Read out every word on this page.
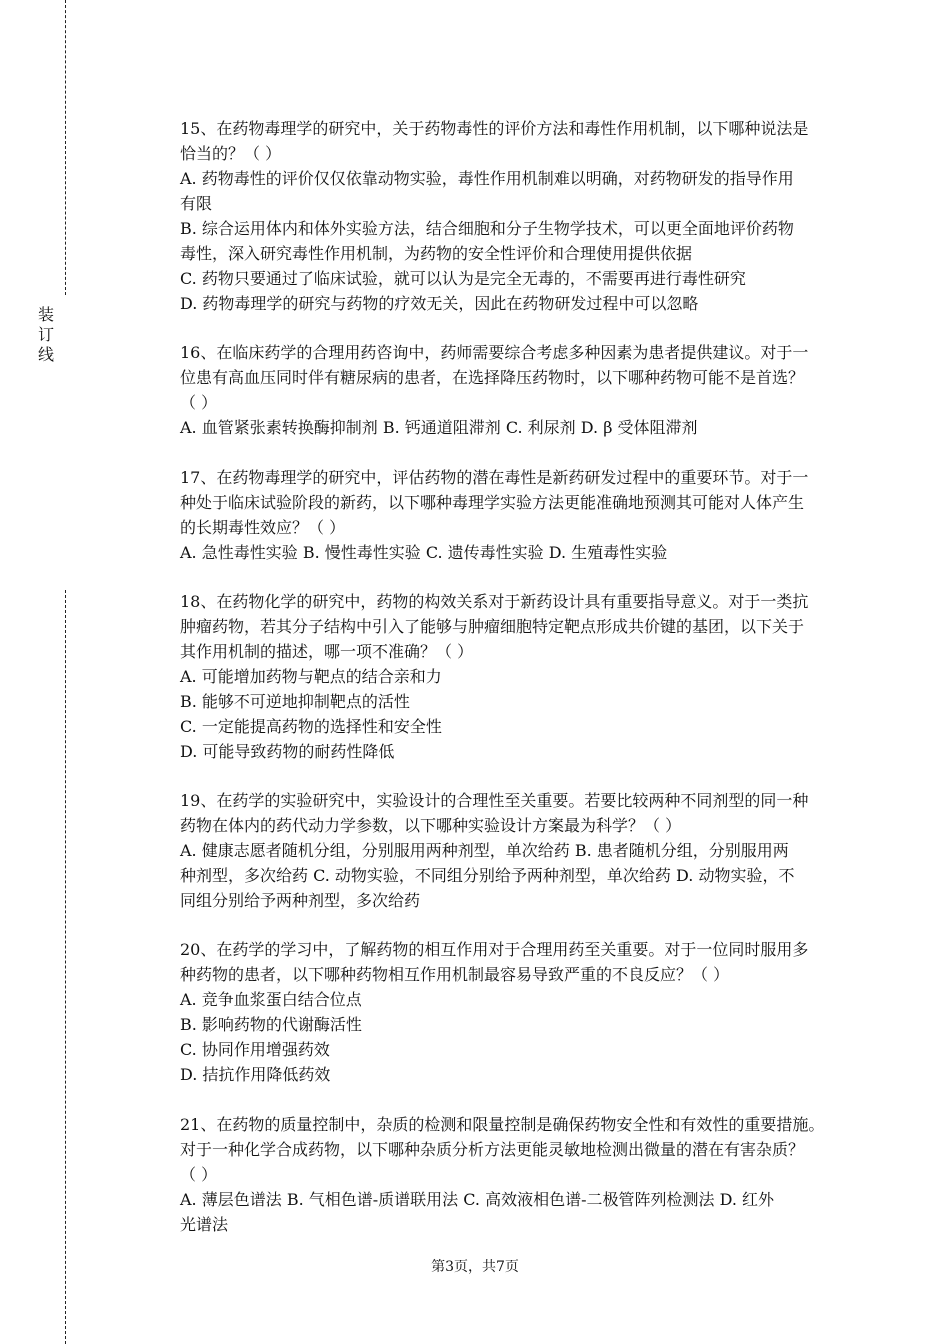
装订线
15、在药物毒理学的研究中，关于药物毒性的评价方法和毒性作用机制，以下哪种说法是
恰当的？（ ）
A. 药物毒性的评价仅仅依靠动物实验，毒性作用机制难以明确，对药物研发的指导作用
有限
B. 综合运用体内和体外实验方法，结合细胞和分子生物学技术，可以更全面地评价药物
毒性，深入研究毒性作用机制，为药物的安全性评价和合理使用提供依据
C. 药物只要通过了临床试验，就可以认为是完全无毒的，不需要再进行毒性研究
D. 药物毒理学的研究与药物的疗效无关，因此在药物研发过程中可以忽略
16、在临床药学的合理用药咨询中，药师需要综合考虑多种因素为患者提供建议。对于一
位患有高血压同时伴有糖尿病的患者，在选择降压药物时，以下哪种药物可能不是首选？
（ ）
A. 血管紧张素转换酶抑制剂 B. 钙通道阻滞剂 C. 利尿剂 D. β 受体阻滞剂
17、在药物毒理学的研究中，评估药物的潜在毒性是新药研发过程中的重要环节。对于一
种处于临床试验阶段的新药，以下哪种毒理学实验方法更能准确地预测其可能对人体产生
的长期毒性效应？（ ）
A. 急性毒性实验 B. 慢性毒性实验 C. 遗传毒性实验 D. 生殖毒性实验
18、在药物化学的研究中，药物的构效关系对于新药设计具有重要指导意义。对于一类抗
肿瘤药物，若其分子结构中引入了能够与肿瘤细胞特定靶点形成共价键的基团，以下关于
其作用机制的描述，哪一项不准确？（ ）
A. 可能增加药物与靶点的结合亲和力
B. 能够不可逆地抑制靶点的活性
C. 一定能提高药物的选择性和安全性
D. 可能导致药物的耐药性降低
19、在药学的实验研究中，实验设计的合理性至关重要。若要比较两种不同剂型的同一种
药物在体内的药代动力学参数，以下哪种实验设计方案最为科学？（ ）
A. 健康志愿者随机分组，分别服用两种剂型，单次给药 B. 患者随机分组，分别服用两
种剂型，多次给药 C. 动物实验，不同组分别给予两种剂型，单次给药 D. 动物实验，不
同组分别给予两种剂型，多次给药
20、在药学的学习中，了解药物的相互作用对于合理用药至关重要。对于一位同时服用多
种药物的患者，以下哪种药物相互作用机制最容易导致严重的不良反应？（ ）
A. 竞争血浆蛋白结合位点
B. 影响药物的代谢酶活性
C. 协同作用增强药效
D. 拮抗作用降低药效
21、在药物的质量控制中，杂质的检测和限量控制是确保药物安全性和有效性的重要措施。
对于一种化学合成药物，以下哪种杂质分析方法更能灵敏地检测出微量的潜在有害杂质？
（ ）
A. 薄层色谱法 B. 气相色谱-质谱联用法 C. 高效液相色谱-二极管阵列检测法 D. 红外
光谱法
第3页，共7页
